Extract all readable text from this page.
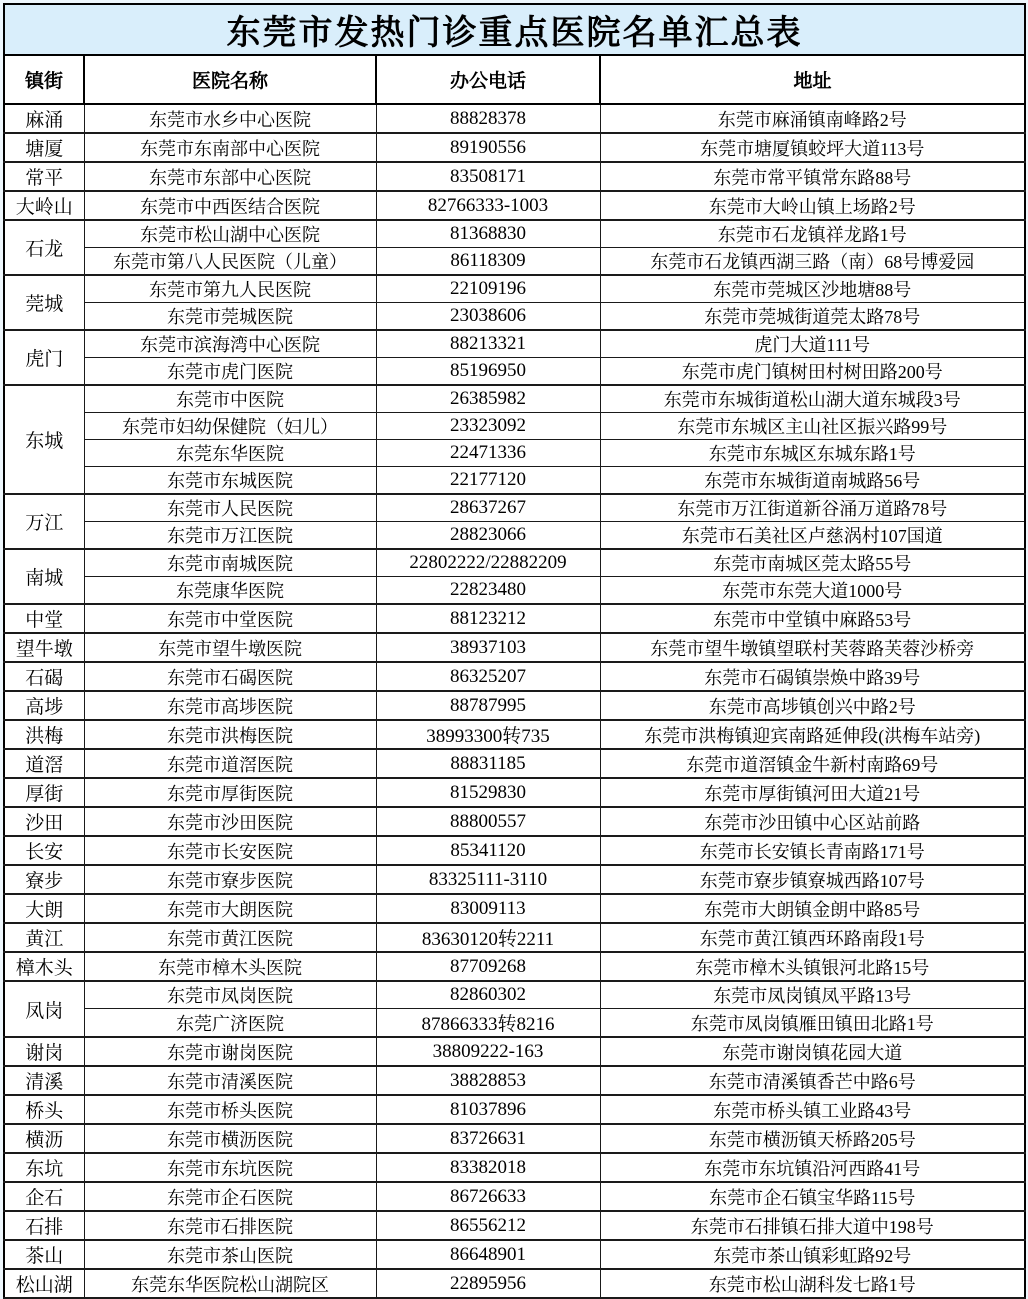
东莞市发热门诊重点医院名单汇总表			
镇街	医院名称	办公电话	地址
麻涌	东莞市水乡中心医院	88828378	东莞市麻涌镇南峰路2号
塘厦	东莞市东南部中心医院	89190556	东莞市塘厦镇蛟坪大道113号
常平	东莞市东部中心医院	83508171	东莞市常平镇常东路88号
大岭山	东莞市中西医结合医院	82766333-1003	东莞市大岭山镇上场路2号
石龙	东莞市松山湖中心医院	81368830	东莞市石龙镇祥龙路1号
	东莞市第八人民医院（儿童）	86118309	东莞市石龙镇西湖三路（南）68号博爱园
莞城	东莞市第九人民医院	22109196	东莞市莞城区沙地塘88号
	东莞市莞城医院	23038606	东莞市莞城街道莞太路78号
虎门	东莞市滨海湾中心医院	88213321	虎门大道111号
	东莞市虎门医院	85196950	东莞市虎门镇树田村树田路200号
东城	东莞市中医院	26385982	东莞市东城街道松山湖大道东城段3号
	东莞市妇幼保健院（妇儿）	23323092	东莞市东城区主山社区振兴路99号
	东莞东华医院	22471336	东莞市东城区东城东路1号
	东莞市东城医院	22177120	东莞市东城街道南城路56号
万江	东莞市人民医院	28637267	东莞市万江街道新谷涌万道路78号
	东莞市万江医院	28823066	东莞市石美社区卢慈涡村107国道
南城	东莞市南城医院	22802222/22882209	东莞市南城区莞太路55号
	东莞康华医院	22823480	东莞市东莞大道1000号
中堂	东莞市中堂医院	88123212	东莞市中堂镇中麻路53号
望牛墩	东莞市望牛墩医院	38937103	东莞市望牛墩镇望联村芙蓉路芙蓉沙桥旁
石碣	东莞市石碣医院	86325207	东莞市石碣镇崇焕中路39号
高埗	东莞市高埗医院	88787995	东莞市高埗镇创兴中路2号
洪梅	东莞市洪梅医院	38993300转735	东莞市洪梅镇迎宾南路延伸段(洪梅车站旁)
道滘	东莞市道滘医院	88831185	东莞市道滘镇金牛新村南路69号
厚街	东莞市厚街医院	81529830	东莞市厚街镇河田大道21号
沙田	东莞市沙田医院	88800557	东莞市沙田镇中心区站前路
长安	东莞市长安医院	85341120	东莞市长安镇长青南路171号
寮步	东莞市寮步医院	83325111-3110	东莞市寮步镇寮城西路107号
大朗	东莞市大朗医院	83009113	东莞市大朗镇金朗中路85号
黄江	东莞市黄江医院	83630120转2211	东莞市黄江镇西环路南段1号
樟木头	东莞市樟木头医院	87709268	东莞市樟木头镇银河北路15号
凤岗	东莞市凤岗医院	82860302	东莞市凤岗镇凤平路13号
	东莞广济医院	87866333转8216	东莞市凤岗镇雁田镇田北路1号
谢岗	东莞市谢岗医院	38809222-163	东莞市谢岗镇花园大道
清溪	东莞市清溪医院	38828853	东莞市清溪镇香芒中路6号
桥头	东莞市桥头医院	81037896	东莞市桥头镇工业路43号
横沥	东莞市横沥医院	83726631	东莞市横沥镇天桥路205号
东坑	东莞市东坑医院	83382018	东莞市东坑镇沿河西路41号
企石	东莞市企石医院	86726633	东莞市企石镇宝华路115号
石排	东莞市石排医院	86556212	东莞市石排镇石排大道中198号
茶山	东莞市茶山医院	86648901	东莞市茶山镇彩虹路92号
松山湖	东莞东华医院松山湖院区	22895956	东莞市松山湖科发七路1号
